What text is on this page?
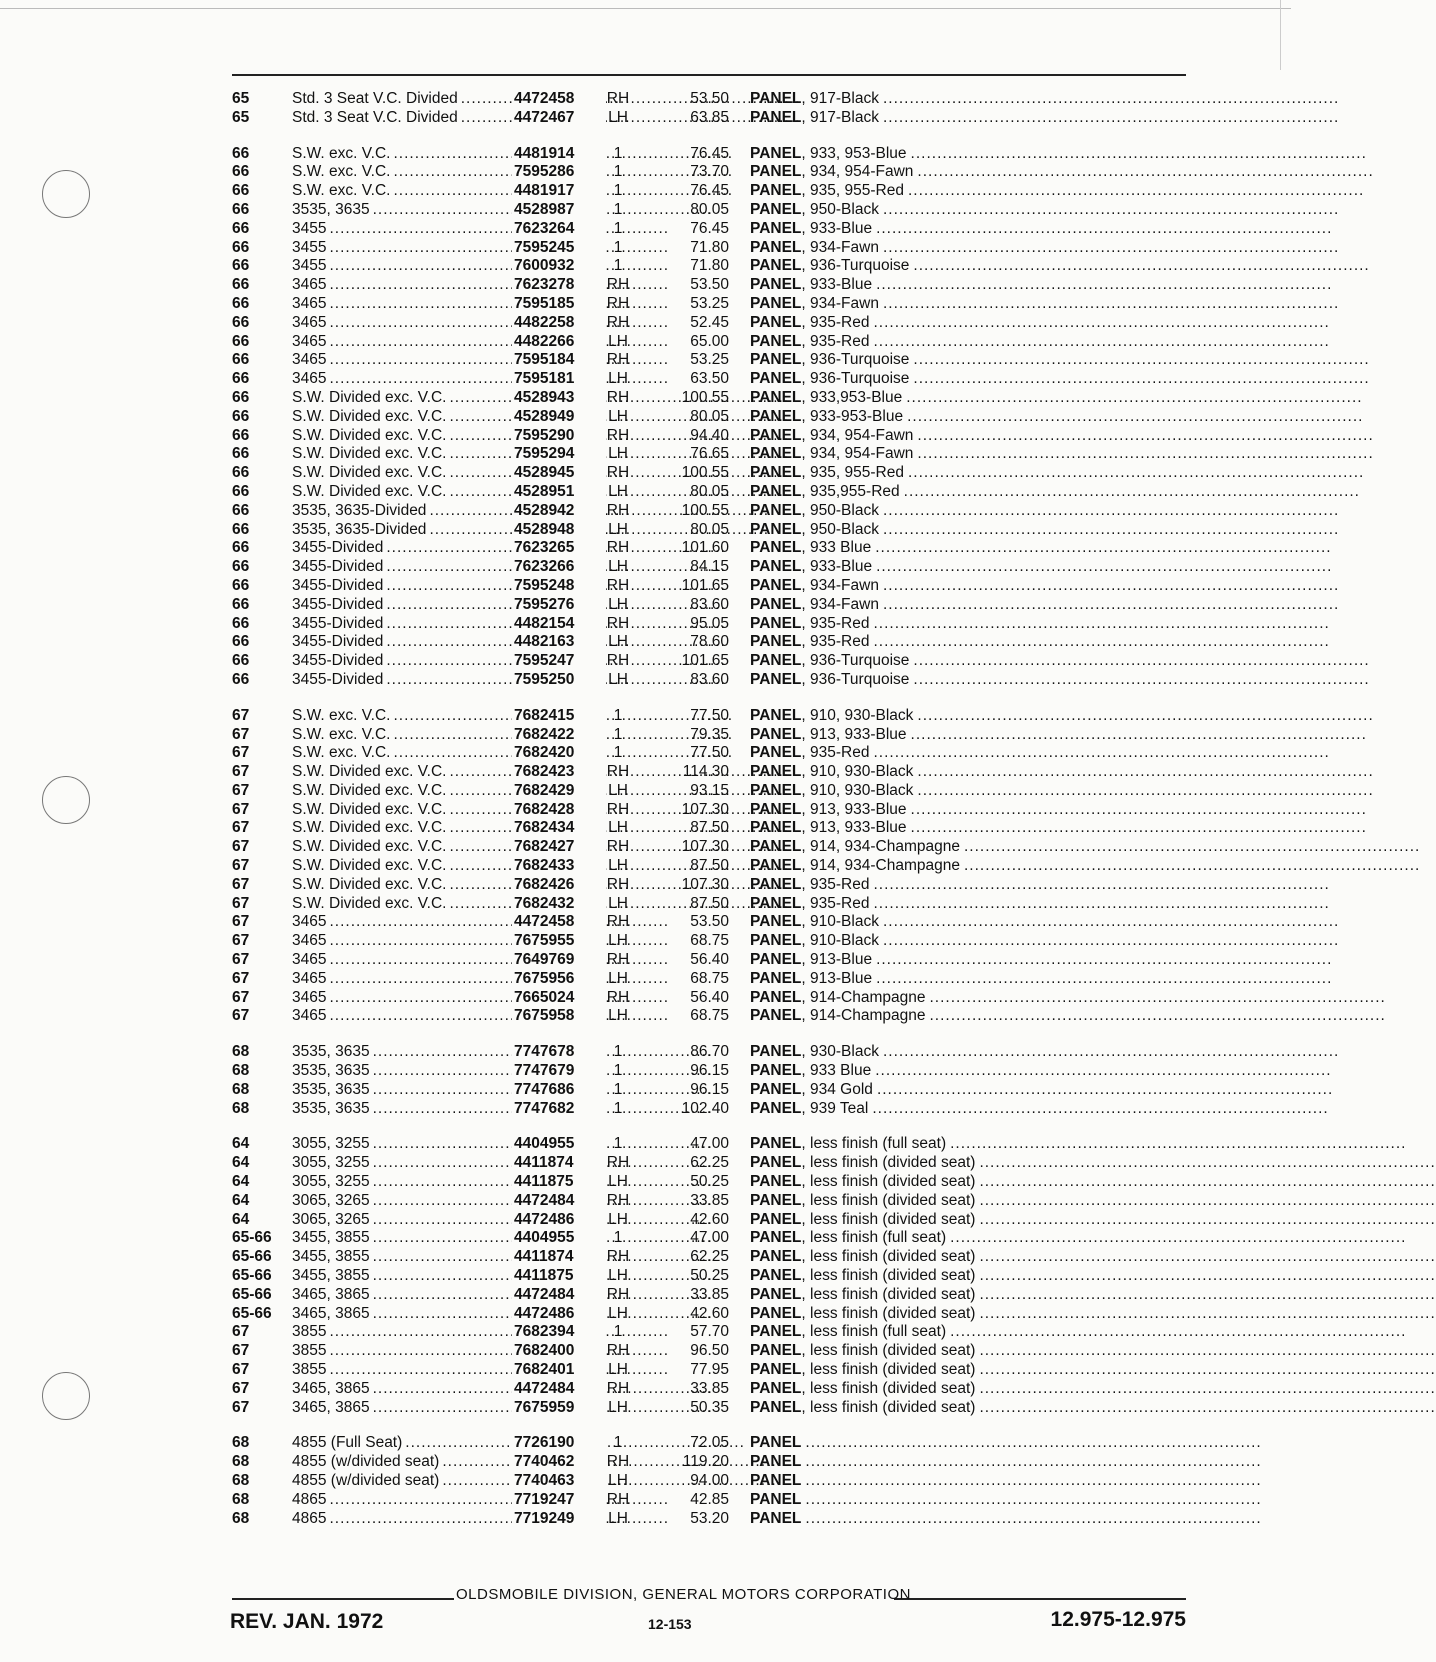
65	Std. 3 Seat V.C. Divided .....	4472458	RH	53.50 PANEL, 917-Black ......................................................................................
65	Std. 3 Seat V.C. Divided .....	4472467	LH	63.85 PANEL, 917-Black ......................................................................................
66	S.W. exc. V.C. .....	4481914	1	76.45 PANEL, 933, 953-Blue ......................................................................................
66	S.W. exc. V.C. .....	7595286	1	73.70 PANEL, 934, 954-Fawn ......................................................................................
66	S.W. exc. V.C. .....	4481917	1	76.45 PANEL, 935, 955-Red ......................................................................................
66	3535, 3635 .....	4528987	1	80.05 PANEL, 950-Black ......................................................................................
66	3455 .....	7623264	1	76.45 PANEL, 933-Blue ......................................................................................
66	3455 .....	7595245	1	71.80 PANEL, 934-Fawn ......................................................................................
66	3455 .....	7600932	1	71.80 PANEL, 936-Turquoise ......................................................................................
66	3465 .....	7623278	RH	53.50 PANEL, 933-Blue ......................................................................................
66	3465 .....	7595185	RH	53.25 PANEL, 934-Fawn ......................................................................................
66	3465 .....	4482258	RH	52.45 PANEL, 935-Red ......................................................................................
66	3465 .....	4482266	LH	65.00 PANEL, 935-Red ......................................................................................
66	3465 .....	7595184	RH	53.25 PANEL, 936-Turquoise ......................................................................................
66	3465 .....	7595181	LH	63.50 PANEL, 936-Turquoise ......................................................................................
66	S.W. Divided exc. V.C. .....	4528943	RH	100.55 PANEL, 933,953-Blue ......................................................................................
66	S.W. Divided exc. V.C. .....	4528949	LH	80.05 PANEL, 933-953-Blue ......................................................................................
66	S.W. Divided exc. V.C. .....	7595290	RH	94.40 PANEL, 934, 954-Fawn ......................................................................................
66	S.W. Divided exc. V.C. .....	7595294	LH	76.65 PANEL, 934, 954-Fawn ......................................................................................
66	S.W. Divided exc. V.C. .....	4528945	RH	100.55 PANEL, 935, 955-Red ......................................................................................
66	S.W. Divided exc. V.C. .....	4528951	LH	80.05 PANEL, 935,955-Red ......................................................................................
66	3535, 3635-Divided .....	4528942	RH	100.55 PANEL, 950-Black ......................................................................................
66	3535, 3635-Divided .....	4528948	LH	80.05 PANEL, 950-Black ......................................................................................
66	3455-Divided .....	7623265	RH	101.60 PANEL, 933 Blue ......................................................................................
66	3455-Divided .....	7623266	LH	84.15 PANEL, 933-Blue ......................................................................................
66	3455-Divided .....	7595248	RH	101.65 PANEL, 934-Fawn ......................................................................................
66	3455-Divided .....	7595276	LH	83.60 PANEL, 934-Fawn ......................................................................................
66	3455-Divided .....	4482154	RH	95.05 PANEL, 935-Red ......................................................................................
66	3455-Divided .....	4482163	LH	78.60 PANEL, 935-Red ......................................................................................
66	3455-Divided .....	7595247	RH	101.65 PANEL, 936-Turquoise ......................................................................................
66	3455-Divided .....	7595250	LH	83.60 PANEL, 936-Turquoise ......................................................................................
67	S.W. exc. V.C. .....	7682415	1	77.50 PANEL, 910, 930-Black ......................................................................................
67	S.W. exc. V.C. .....	7682422	1	79.35 PANEL, 913, 933-Blue ......................................................................................
67	S.W. exc. V.C. .....	7682420	1	77.50 PANEL, 935-Red ......................................................................................
67	S.W. Divided exc. V.C. .....	7682423	RH	114.30 PANEL, 910, 930-Black ......................................................................................
67	S.W. Divided exc. V.C. .....	7682429	LH	93.15 PANEL, 910, 930-Black ......................................................................................
67	S.W. Divided exc. V.C. .....	7682428	RH	107.30 PANEL, 913, 933-Blue ......................................................................................
67	S.W. Divided exc. V.C. .....	7682434	LH	87.50 PANEL, 913, 933-Blue ......................................................................................
67	S.W. Divided exc. V.C. .....	7682427	RH	107.30 PANEL, 914, 934-Champagne ......................................................................................
67	S.W. Divided exc. V.C. .....	7682433	LH	87.50 PANEL, 914, 934-Champagne ......................................................................................
67	S.W. Divided exc. V.C. .....	7682426	RH	107.30 PANEL, 935-Red ......................................................................................
67	S.W. Divided exc. V.C. .....	7682432	LH	87.50 PANEL, 935-Red ......................................................................................
67	3465 .....	4472458	RH	53.50 PANEL, 910-Black ......................................................................................
67	3465 .....	7675955	LH	68.75 PANEL, 910-Black ......................................................................................
67	3465 .....	7649769	RH	56.40 PANEL, 913-Blue ......................................................................................
67	3465 .....	7675956	LH	68.75 PANEL, 913-Blue ......................................................................................
67	3465 .....	7665024	RH	56.40 PANEL, 914-Champagne ......................................................................................
67	3465 .....	7675958	LH	68.75 PANEL, 914-Champagne ......................................................................................
68	3535, 3635 .....	7747678	1	86.70 PANEL, 930-Black ......................................................................................
68	3535, 3635 .....	7747679	1	96.15 PANEL, 933 Blue ......................................................................................
68	3535, 3635 .....	7747686	1	96.15 PANEL, 934 Gold ......................................................................................
68	3535, 3635 .....	7747682	1	102.40 PANEL, 939 Teal ......................................................................................
64	3055, 3255 .....	4404955	1	47.00 PANEL, less finish (full seat) ......................................................................................
64	3055, 3255 .....	4411874	RH	62.25 PANEL, less finish (divided seat) ......................................................................................
64	3055, 3255 .....	4411875	LH	50.25 PANEL, less finish (divided seat) ......................................................................................
64	3065, 3265 .....	4472484	RH	33.85 PANEL, less finish (divided seat) ......................................................................................
64	3065, 3265 .....	4472486	LH	42.60 PANEL, less finish (divided seat) ......................................................................................
65-66	3455, 3855 .....	4404955	1	47.00 PANEL, less finish (full seat) ......................................................................................
65-66	3455, 3855 .....	4411874	RH	62.25 PANEL, less finish (divided seat) ......................................................................................
65-66	3455, 3855 .....	4411875	LH	50.25 PANEL, less finish (divided seat) ......................................................................................
65-66	3465, 3865 .....	4472484	RH	33.85 PANEL, less finish (divided seat) ......................................................................................
65-66	3465, 3865 .....	4472486	LH	42.60 PANEL, less finish (divided seat) ......................................................................................
67	3855 .....	7682394	1	57.70 PANEL, less finish (full seat) ......................................................................................
67	3855 .....	7682400	RH	96.50 PANEL, less finish (divided seat) ......................................................................................
67	3855 .....	7682401	LH	77.95 PANEL, less finish (divided seat) ......................................................................................
67	3465, 3865 .....	4472484	RH	33.85 PANEL, less finish (divided seat) ......................................................................................
67	3465, 3865 .....	7675959	LH	50.35 PANEL, less finish (divided seat) ......................................................................................
68	4855 (Full Seat) .....	7726190	1	72.05 PANEL ......................................................................................
68	4855 (w/divided seat) .....	7740462	RH	119.20 PANEL ......................................................................................
68	4855 (w/divided seat) .....	7740463	LH	94.00 PANEL ......................................................................................
68	4865 .....	7719247	RH	42.85 PANEL ......................................................................................
68	4865 .....	7719249	LH	53.20 PANEL ......................................................................................
OLDSMOBILE DIVISION, GENERAL MOTORS CORPORATION
REV. JAN. 1972	12-153	12.975-12.975
